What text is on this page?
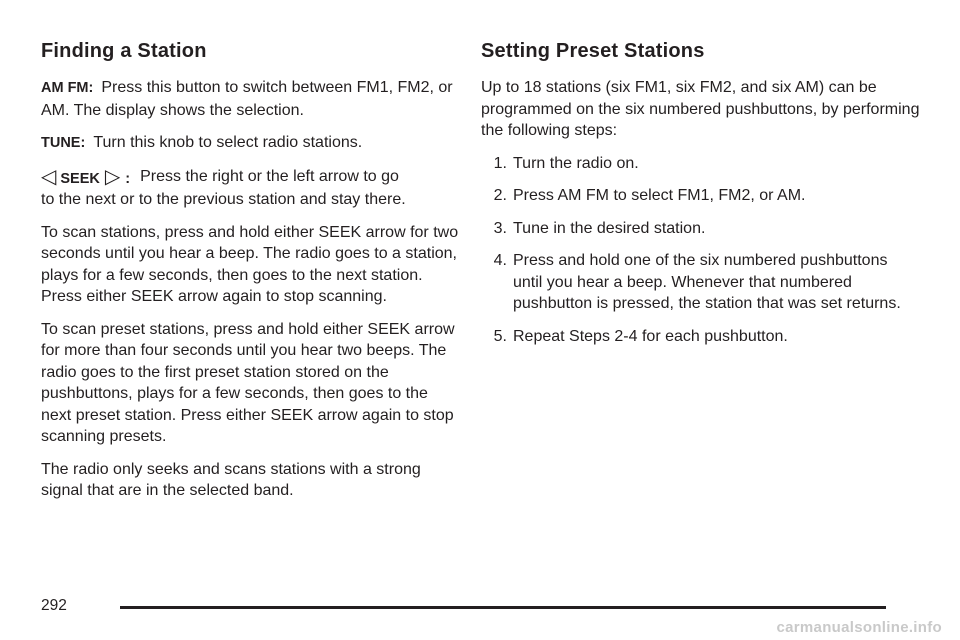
Finding a Station

AM FM: Press this button to switch between FM1, FM2, or AM. The display shows the selection.

TUNE: Turn this knob to select radio stations.

◁ SEEK ▷ : Press the right or the left arrow to go

to the next or to the previous station and stay there.

To scan stations, press and hold either SEEK arrow for two seconds until you hear a beep. The radio goes to a station, plays for a few seconds, then goes to the next station. Press either SEEK arrow again to stop scanning.

To scan preset stations, press and hold either SEEK arrow for more than four seconds until you hear two beeps. The radio goes to the first preset station stored on the pushbuttons, plays for a few seconds, then goes to the next preset station. Press either SEEK arrow again to stop scanning presets.

The radio only seeks and scans stations with a strong signal that are in the selected band.

Setting Preset Stations

Up to 18 stations (six FM1, six FM2, and six AM) can be programmed on the six numbered pushbuttons, by performing the following steps:

1. Turn the radio on.
2. Press AM FM to select FM1, FM2, or AM.
3. Tune in the desired station.
4. Press and hold one of the six numbered pushbuttons until you hear a beep. Whenever that numbered pushbutton is pressed, the station that was set returns.
5. Repeat Steps 2-4 for each pushbutton.
292
carmanualsonline.info
